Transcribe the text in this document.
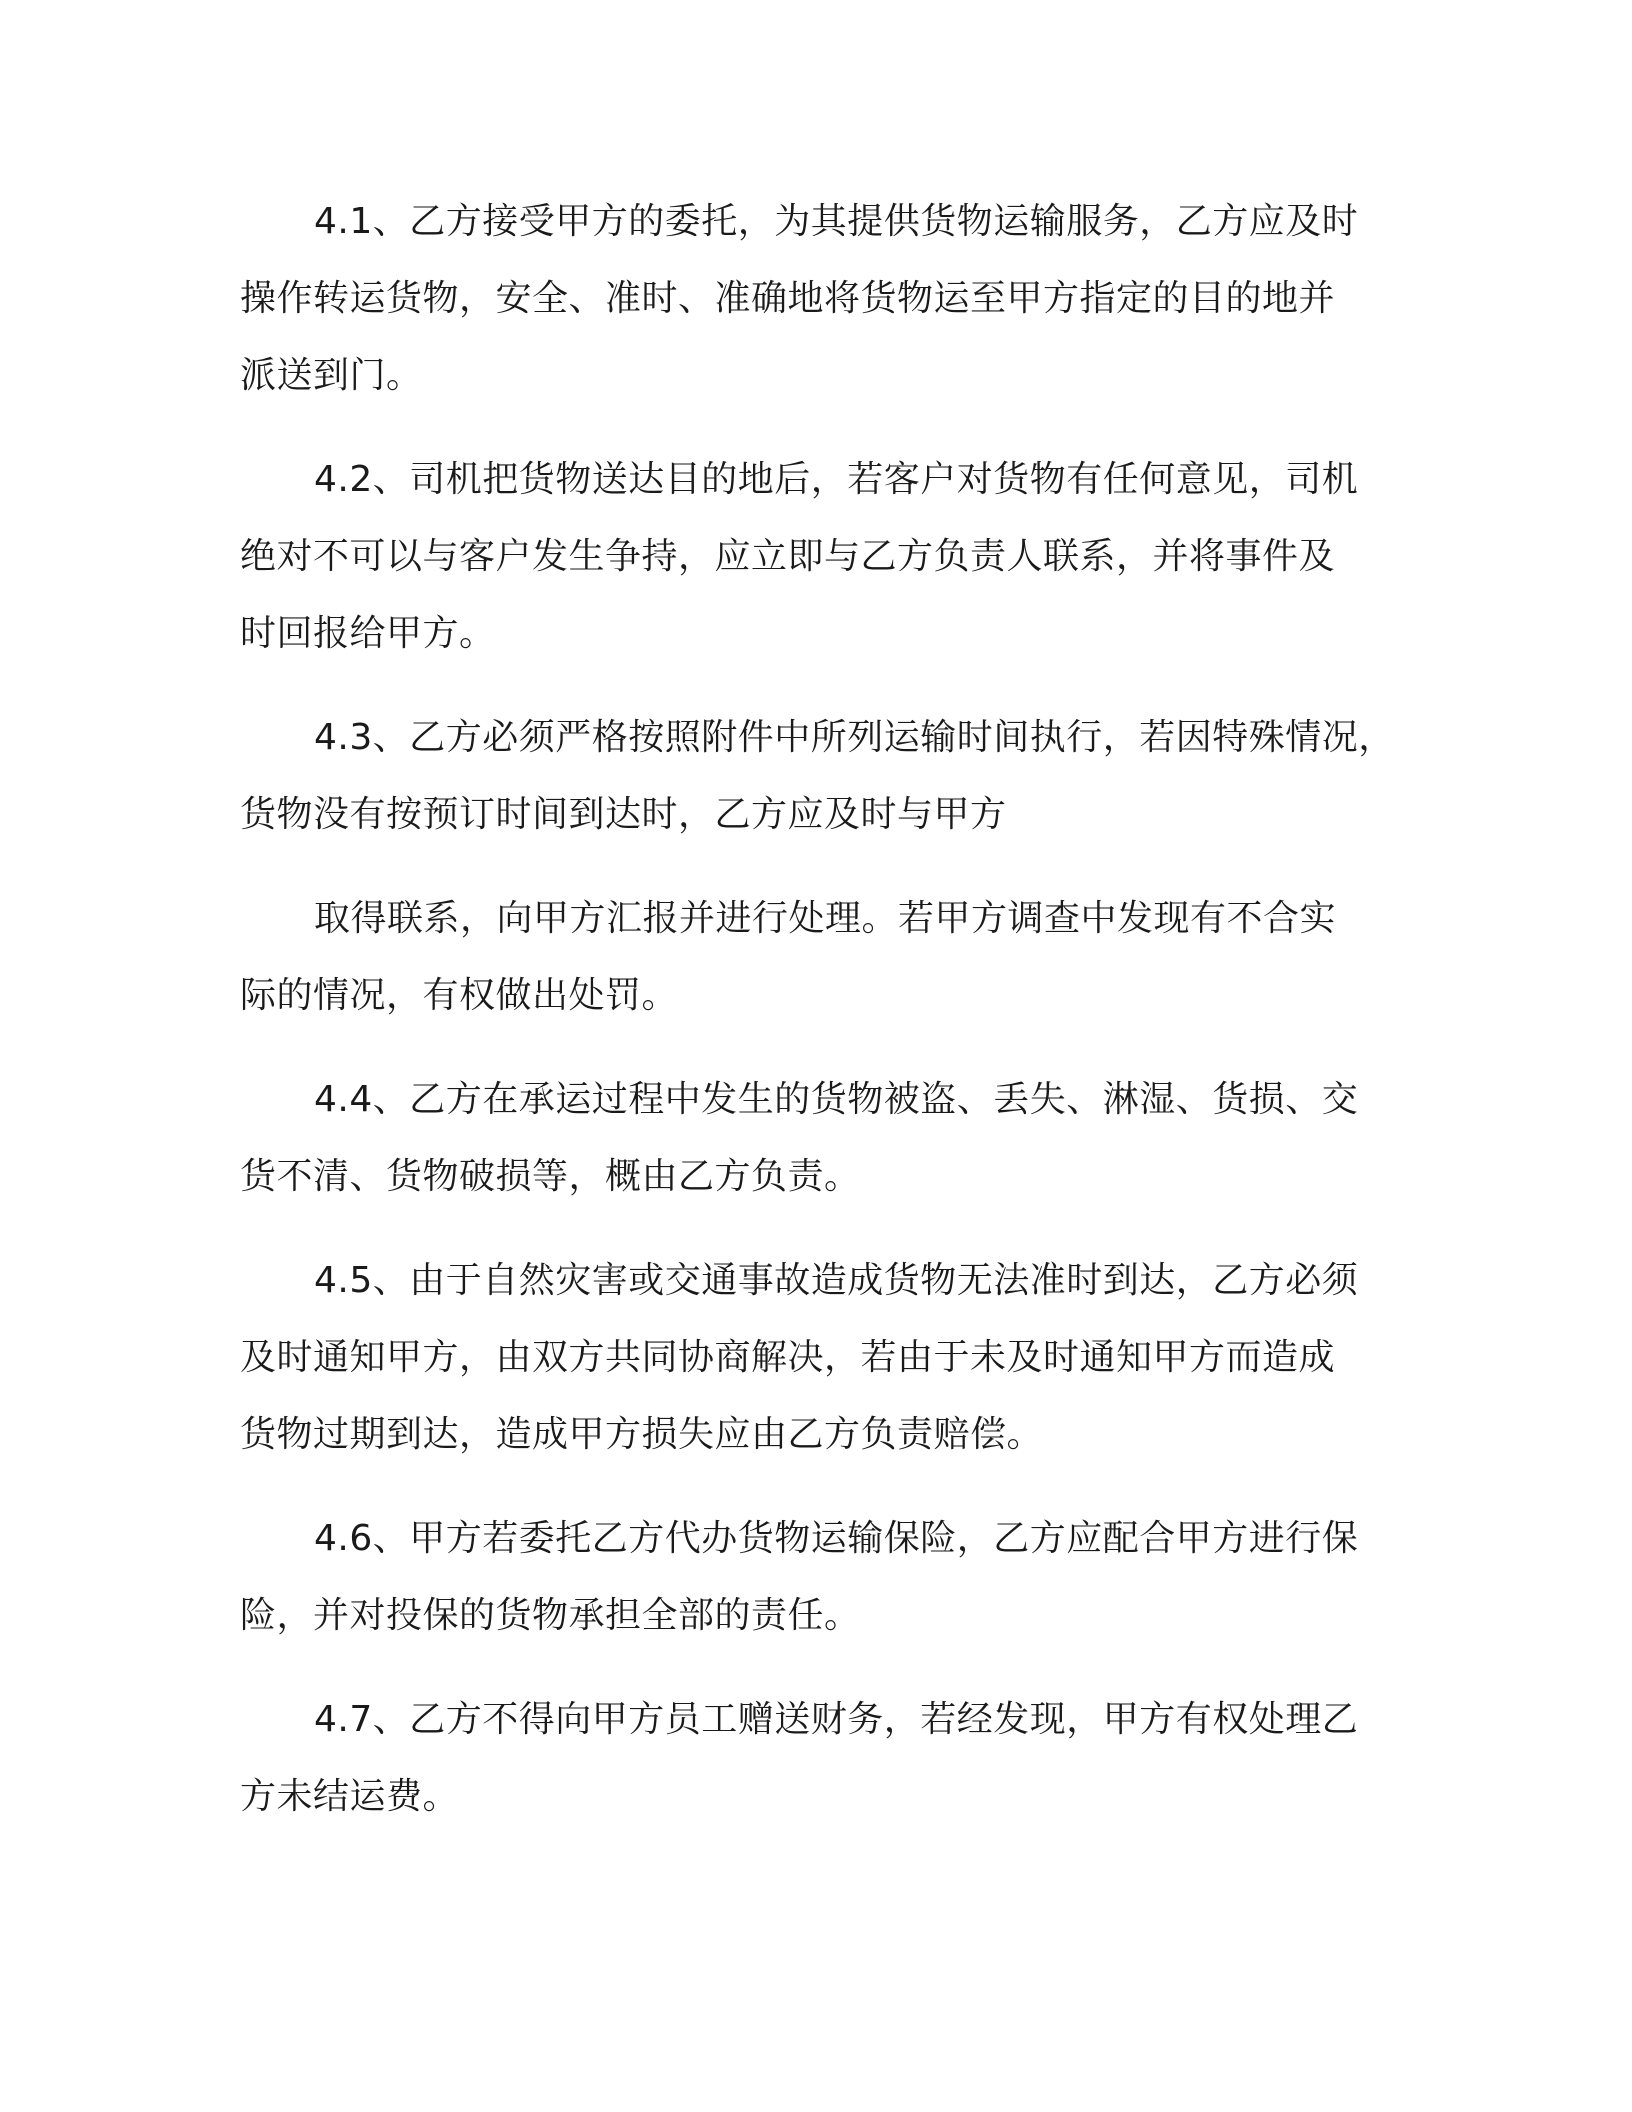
4.1、乙方接受甲方的委托，为其提供货物运输服务，乙方应及时
操作转运货物，安全、准时、准确地将货物运至甲方指定的目的地并
派送到门。

4.2、司机把货物送达目的地后，若客户对货物有任何意见，司机
绝对不可以与客户发生争持，应立即与乙方负责人联系，并将事件及
时回报给甲方。

4.3、乙方必须严格按照附件中所列运输时间执行，若因特殊情况，
货物没有按预订时间到达时，乙方应及时与甲方

取得联系，向甲方汇报并进行处理。若甲方调查中发现有不合实
际的情况，有权做出处罚。

4.4、乙方在承运过程中发生的货物被盗、丢失、淋湿、货损、交
货不清、货物破损等，概由乙方负责。

4.5、由于自然灾害或交通事故造成货物无法准时到达，乙方必须
及时通知甲方，由双方共同协商解决，若由于未及时通知甲方而造成
货物过期到达，造成甲方损失应由乙方负责赔偿。

4.6、甲方若委托乙方代办货物运输保险，乙方应配合甲方进行保
险，并对投保的货物承担全部的责任。

4.7、乙方不得向甲方员工赠送财务，若经发现，甲方有权处理乙
方未结运费。
